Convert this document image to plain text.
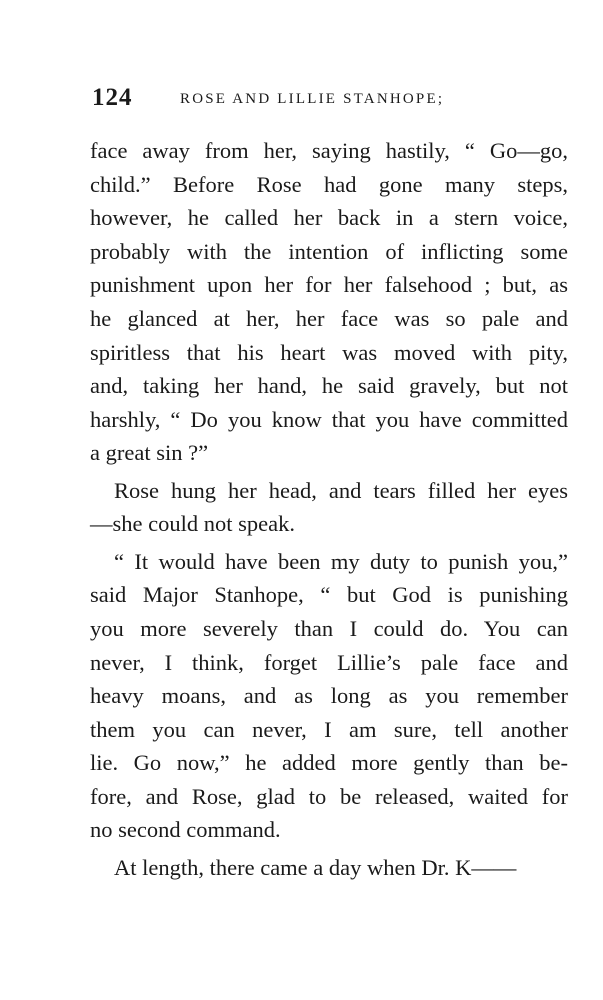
124	ROSE AND LILLIE STANHOPE;
face away from her, saying hastily, “ Go—go,
child.” Before Rose had gone many steps,
however, he called her back in a stern voice,
probably with the intention of inflicting some
punishment upon her for her falsehood ; but, as
he glanced at her, her face was so pale and
spiritless that his heart was moved with pity,
and, taking her hand, he said gravely, but not
harshly, “ Do you know that you have committed
a great sin ?”
Rose hung her head, and tears filled her eyes
—she could not speak.
“ It would have been my duty to punish you,”
said Major Stanhope, “ but God is punishing
you more severely than I could do. You can
never, I think, forget Lillie’s pale face and
heavy moans, and as long as you remember
them you can never, I am sure, tell another
lie. Go now,” he added more gently than be-
fore, and Rose, glad to be released, waited for
no second command.
At length, there came a day when Dr. K——
